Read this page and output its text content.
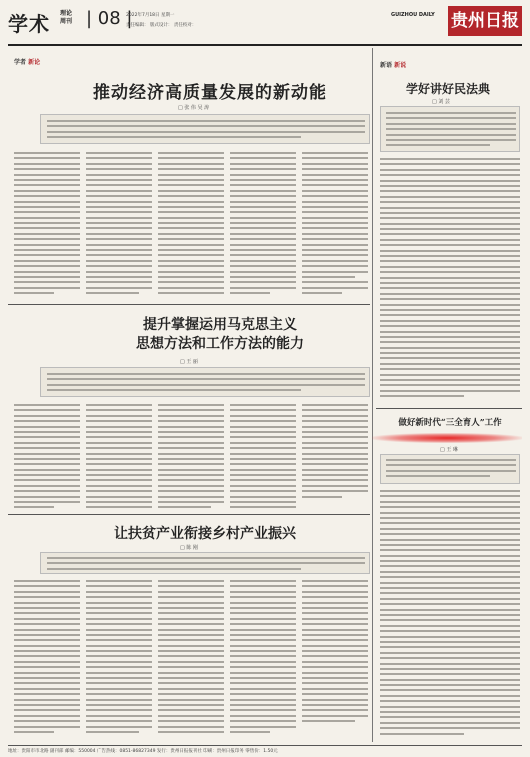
学术 理论
周刊 | 08 |
2022年7月18日 星期一
责任编辑： 版式设计： 责任校对：
GUIZHOU DAILY 贵州日报
学者 新论
推动经济高质量发展的新动能
□ 张 伟 吴 涛
提升掌握运用马克思主义
思想方法和工作方法的能力
□ 王 丽
让扶贫产业衔接乡村产业振兴
□ 陈 刚
新语 新说
学好讲好民法典
□ 刘 芸
做好新时代“三全育人”工作
□ 王 琳
地址：贵阳市市北路 副刊部 邮编：550004 广告热线：0851-86827349 发行：贵州日报报刊社 印刷：贵州日报印务 零售价：1.50元
